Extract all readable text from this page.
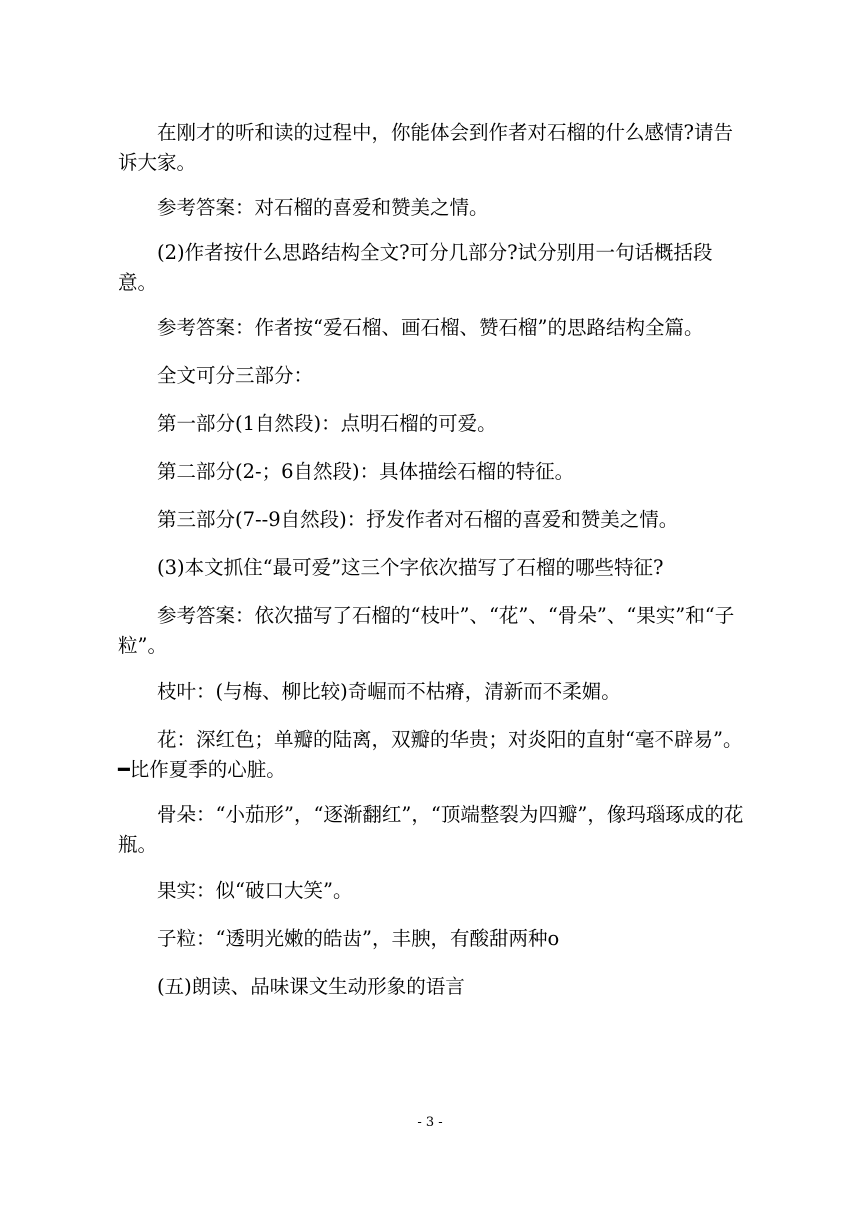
在刚才的听和读的过程中，你能体会到作者对石榴的什么感情?请告诉大家。

参考答案：对石榴的喜爱和赞美之情。

(2)作者按什么思路结构全文?可分几部分?试分别用一句话概括段意。

参考答案：作者按“爱石榴、画石榴、赞石榴”的思路结构全篇。

全文可分三部分：

第一部分(1自然段)：点明石榴的可爱。

第二部分(2-；6自然段)：具体描绘石榴的特征。

第三部分(7--9自然段)：抒发作者对石榴的喜爱和赞美之情。

(3)本文抓住“最可爱”这三个字依次描写了石榴的哪些特征?

参考答案：依次描写了石榴的“枝叶”、“花”、“骨朵”、“果实”和“子粒”。

枝叶：(与梅、柳比较)奇崛而不枯瘠，清新而不柔媚。

花：深红色；单瓣的陆离，双瓣的华贵；对炎阳的直射“毫不辟易”。━比作夏季的心脏。

骨朵：“小茄形”，“逐渐翻红”，“顶端整裂为四瓣”，像玛瑙琢成的花瓶。

果实：似“破口大笑”。

子粒：“透明光嫩的皓齿”，丰腴，有酸甜两种o

(五)朗读、品味课文生动形象的语言

- 3 -
